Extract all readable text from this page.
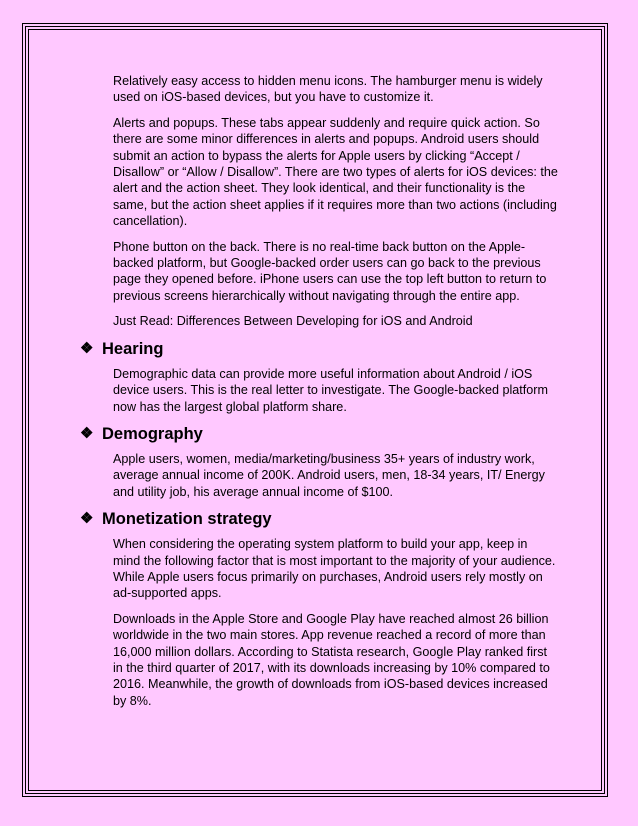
Relatively easy access to hidden menu icons. The hamburger menu is widely used on iOS-based devices, but you have to customize it.

Alerts and popups. These tabs appear suddenly and require quick action. So there are some minor differences in alerts and popups. Android users should submit an action to bypass the alerts for Apple users by clicking “Accept / Disallow” or “Allow / Disallow”. There are two types of alerts for iOS devices: the alert and the action sheet. They look identical, and their functionality is the same, but the action sheet applies if it requires more than two actions (including cancellation).

Phone button on the back. There is no real-time back button on the Apple-backed platform, but Google-backed order users can go back to the previous page they opened before. iPhone users can use the top left button to return to previous screens hierarchically without navigating through the entire app.

Just Read: Differences Between Developing for iOS and Android

❖ Hearing

Demographic data can provide more useful information about Android / iOS device users. This is the real letter to investigate. The Google-backed platform now has the largest global platform share.

❖ Demography

Apple users, women, media/marketing/business 35+ years of industry work, average annual income of 200K. Android users, men, 18-34 years, IT/ Energy and utility job, his average annual income of $100.

❖ Monetization strategy

When considering the operating system platform to build your app, keep in mind the following factor that is most important to the majority of your audience. While Apple users focus primarily on purchases, Android users rely mostly on ad-supported apps.

Downloads in the Apple Store and Google Play have reached almost 26 billion worldwide in the two main stores. App revenue reached a record of more than 16,000 million dollars. According to Statista research, Google Play ranked first in the third quarter of 2017, with its downloads increasing by 10% compared to 2016. Meanwhile, the growth of downloads from iOS-based devices increased by 8%.
